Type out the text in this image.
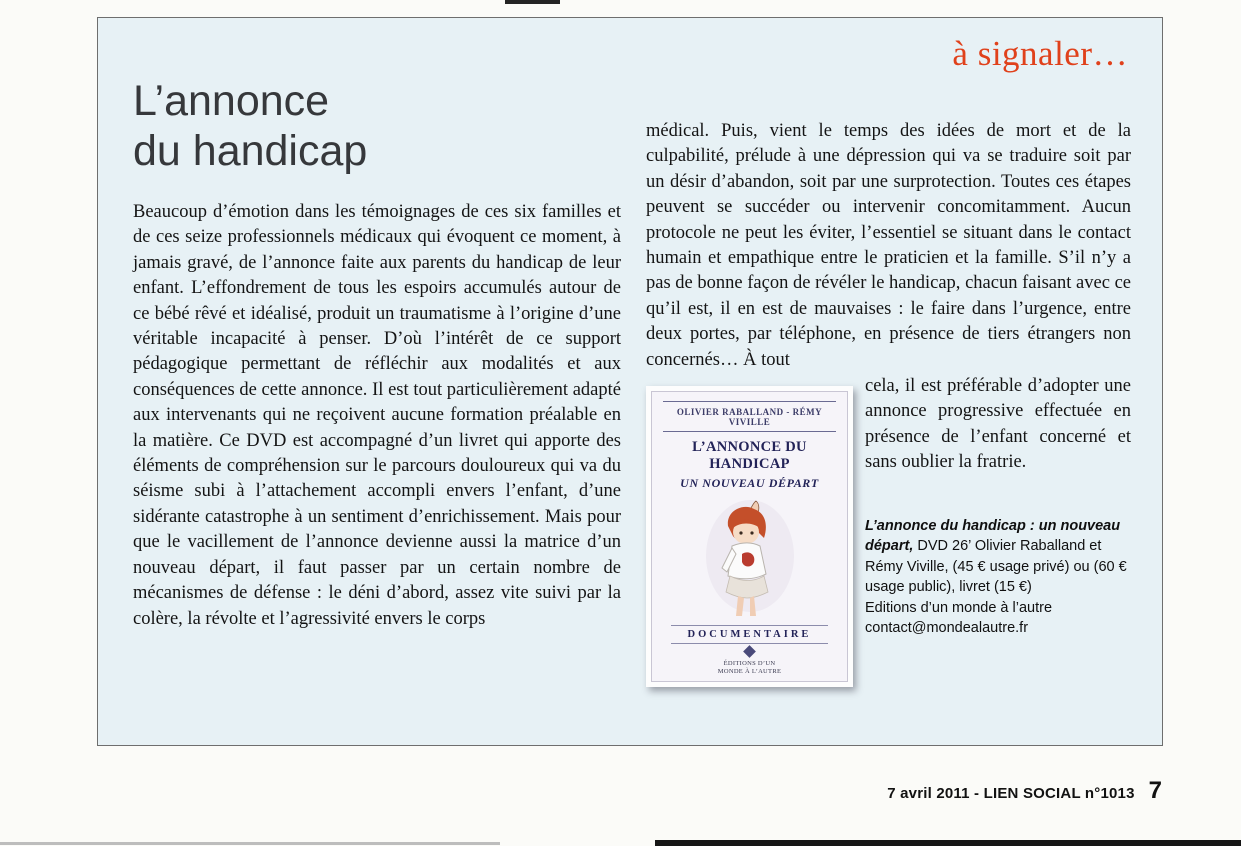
à signaler…
L’annonce
du handicap

Beaucoup d’émotion dans les témoignages de ces six familles et de ces seize professionnels médicaux qui évoquent ce moment, à jamais gravé, de l’annonce faite aux parents du handicap de leur enfant. L’effondrement de tous les espoirs accumulés autour de ce bébé rêvé et idéalisé, produit un traumatisme à l’origine d’une véritable incapacité à penser. D’où l’intérêt de ce support pédagogique permettant de réfléchir aux modalités et aux conséquences de cette annonce. Il est tout particulièrement adapté aux intervenants qui ne reçoivent aucune formation préalable en la matière. Ce DVD est accompagné d’un livret qui apporte des éléments de compréhension sur le parcours douloureux qui va du séisme subi à l’attachement accompli envers l’enfant, d’une sidérante catastrophe à un sentiment d’enrichissement. Mais pour que le vacillement de l’annonce devienne aussi la matrice d’un nouveau départ, il faut passer par un certain nombre de mécanismes de défense : le déni d’abord, assez vite suivi par la colère, la révolte et l’agressivité envers le corps

médical. Puis, vient le temps des idées de mort et de la culpabilité, prélude à une dépression qui va se traduire soit par un désir d’abandon, soit par une surprotection. Toutes ces étapes peuvent se succéder ou intervenir concomitamment. Aucun protocole ne peut les éviter, l’essentiel se situant dans le contact humain et empathique entre le praticien et la famille. S’il n’y a pas de bonne façon de révéler le handicap, chacun faisant avec ce qu’il est, il en est de mauvaises : le faire dans l’urgence, entre deux portes, par téléphone, en présence de tiers étrangers non concernés… À tout

OLIVIER RABALLAND - RÉMY VIVILLE
L’ANNONCE DU HANDICAP
UN NOUVEAU DÉPART
DOCUMENTAIRE
ÉDITIONS D’UN MONDE À L’AUTRE

cela, il est préférable d’adopter une annonce progressive effectuée en présence de l’enfant concerné et sans oublier la fratrie.

L’annonce du handicap : un nouveau départ, DVD 26’ Olivier Raballand et Rémy Viville, (45 € usage privé) ou (60 € usage public), livret (15 €)
Editions d’un monde à l’autre
contact@mondealautre.fr

7 avril 2011 - LIEN SOCIAL n°1013 7
